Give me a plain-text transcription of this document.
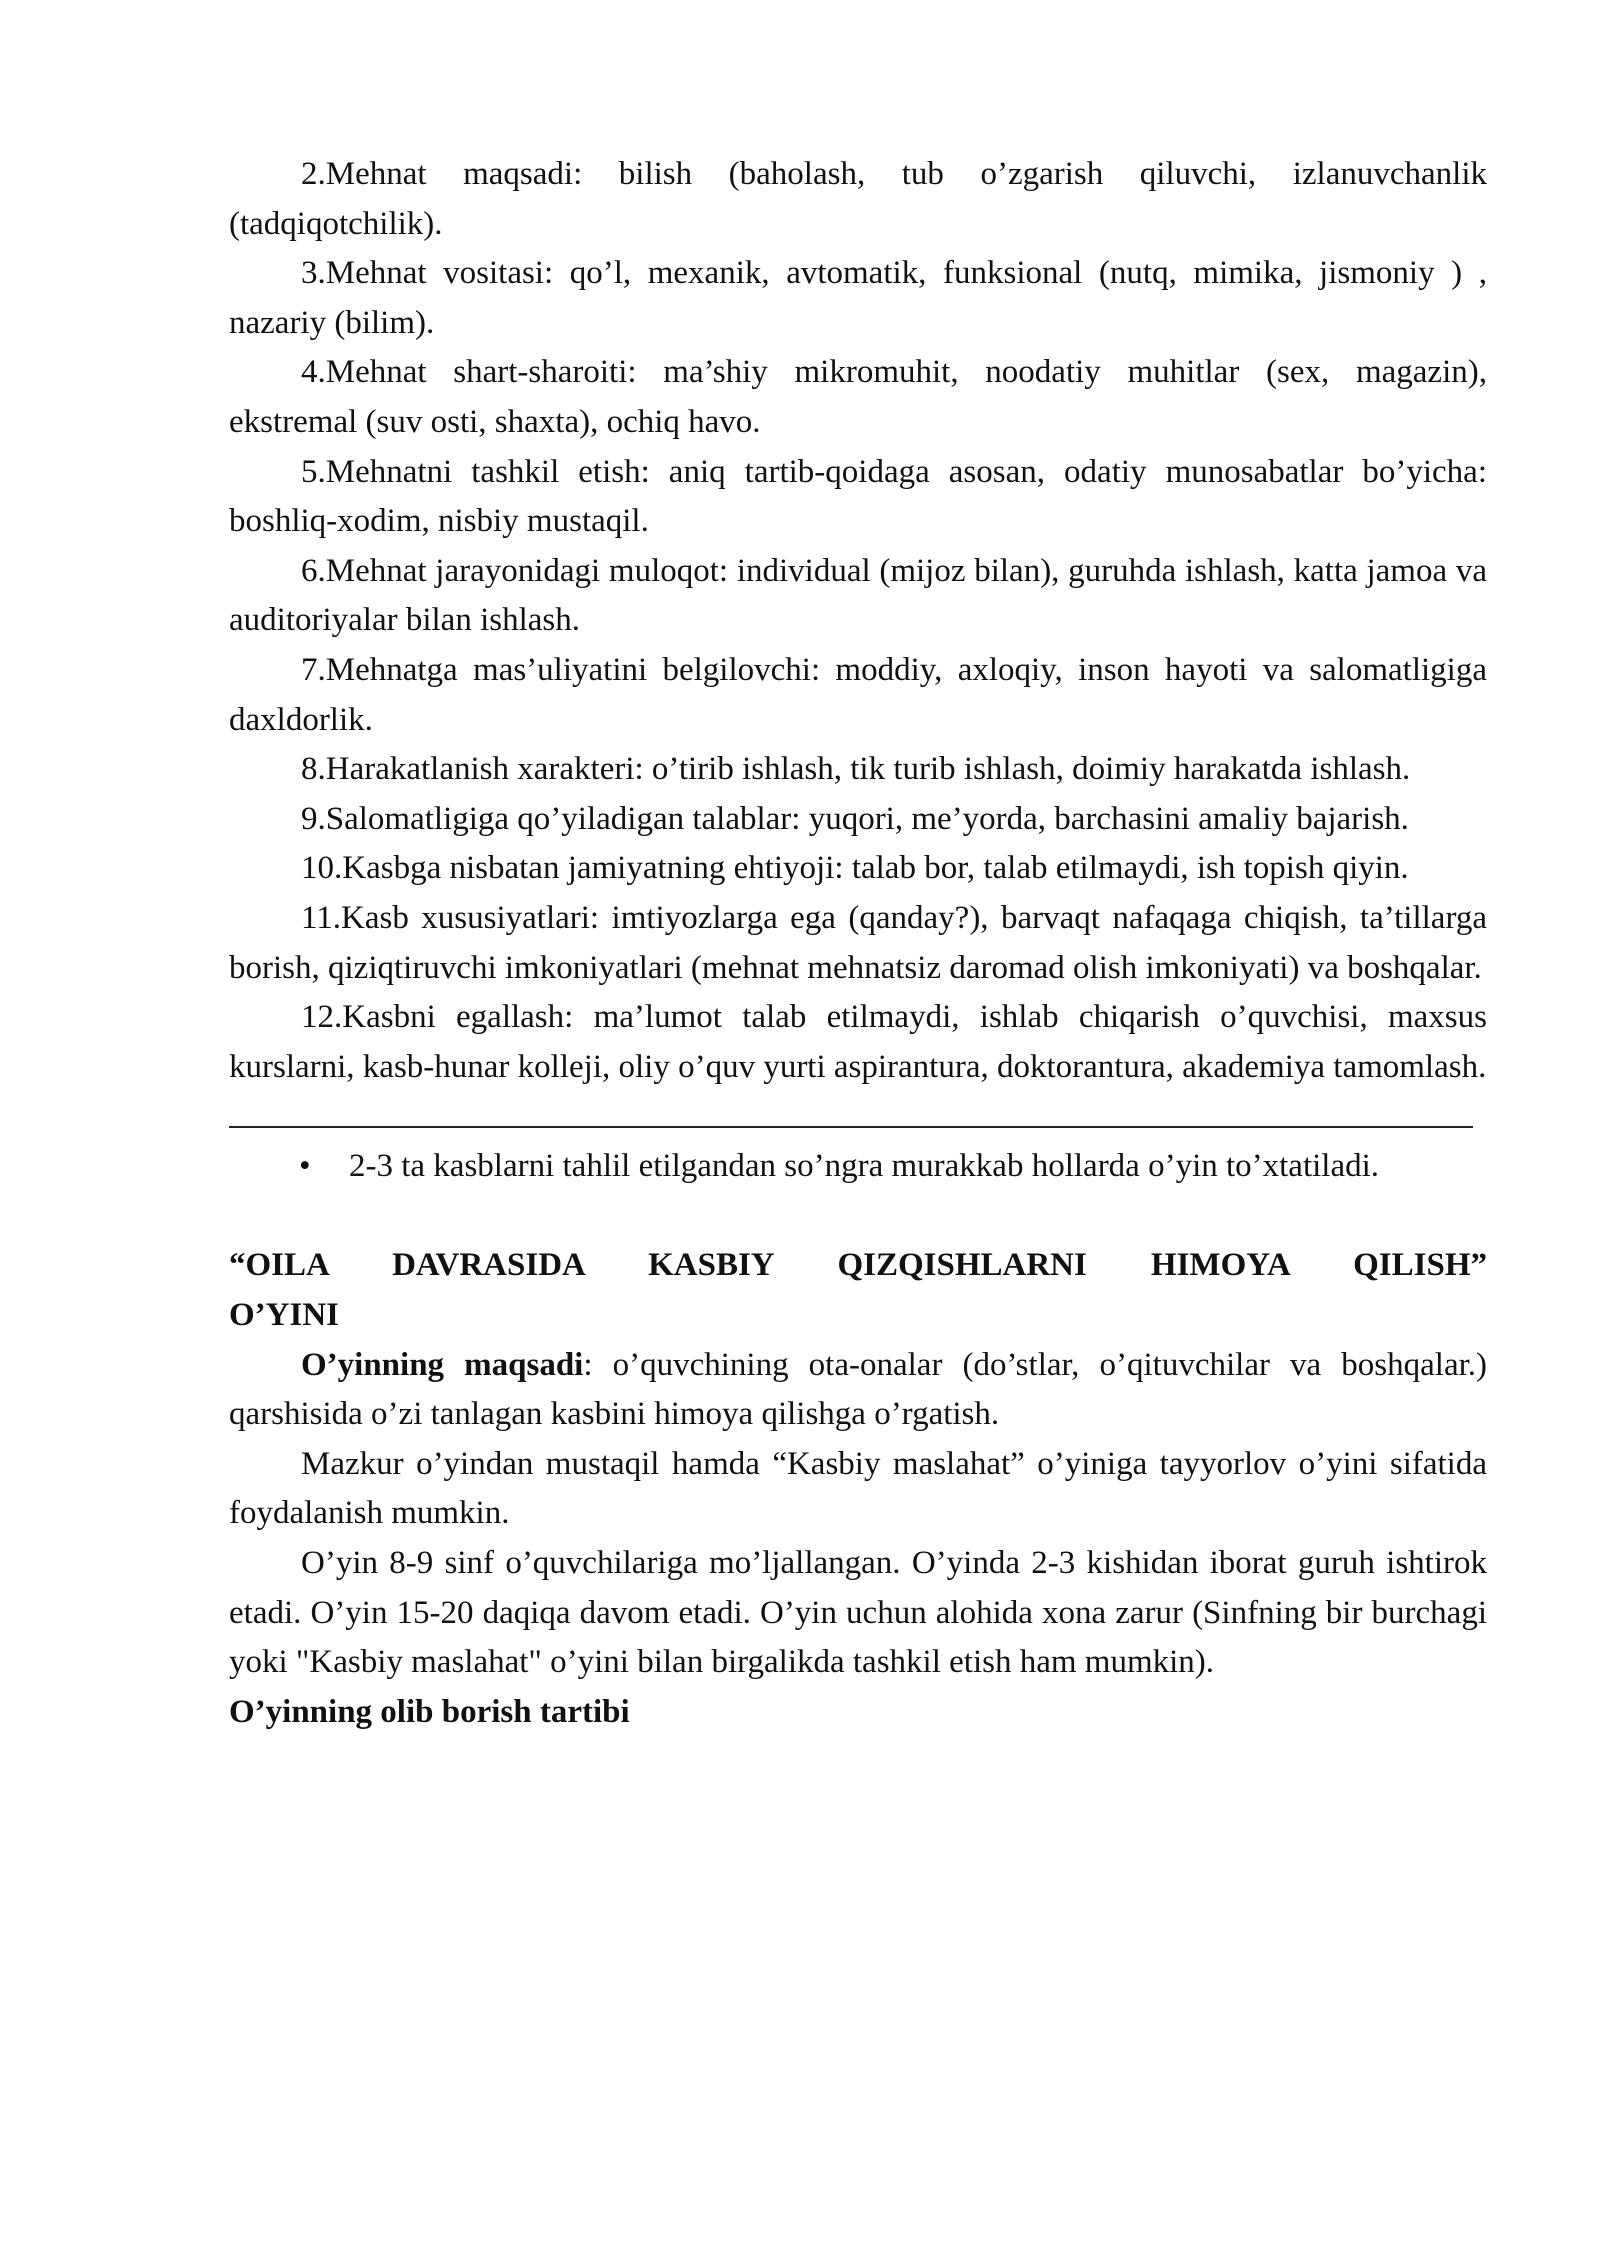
2.Mehnat maqsadi: bilish (baholash, tub o’zgarish qiluvchi, izlanuvchanlik (tadqiqotchilik).

3.Mehnat vositasi: qo’l, mexanik, avtomatik, funksional (nutq, mimika, jismoniy ) , nazariy (bilim).

4.Mehnat shart-sharoiti: ma’shiy mikromuhit, noodatiy muhitlar (sex, magazin), ekstremal (suv osti, shaxta), ochiq havo.

5.Mehnatni tashkil etish: aniq tartib-qoidaga asosan, odatiy munosabatlar bo’yicha: boshliq-xodim, nisbiy mustaqil.

6.Mehnat jarayonidagi muloqot: individual (mijoz bilan), guruhda ishlash, katta jamoa va auditoriyalar bilan ishlash.

7.Mehnatga mas’uliyatini belgilovchi: moddiy, axloqiy, inson hayoti va salomatligiga daxldorlik.

8.Harakatlanish xarakteri: o’tirib ishlash, tik turib ishlash, doimiy harakatda ishlash.

9.Salomatligiga qo’yiladigan talablar: yuqori, me’yorda, barchasini amaliy bajarish.

10.Kasbga nisbatan jamiyatning ehtiyoji: talab bor, talab etilmaydi, ish topish qiyin.

11.Kasb xususiyatlari: imtiyozlarga ega (qanday?), barvaqt nafaqaga chiqish, ta’tillarga borish, qiziqtiruvchi imkoniyatlari (mehnat mehnatsiz daromad olish imkoniyati) va boshqalar.

12.Kasbni egallash: ma’lumot talab etilmaydi, ishlab chiqarish o’quvchisi, maxsus kurslarni, kasb-hunar kolleji, oliy o’quv yurti aspirantura, doktorantura, akademiya tamomlash.

• 2-3 ta kasblarni tahlil etilgandan so’ngra murakkab hollarda o’yin to’xtatiladi.
“OILA DAVRASIDA KASBIY QIZQISHLARNI HIMOYA QILISH”
O’YINI

O’yinning maqsadi: o’quvchining ota-onalar (do’stlar, o’qituvchilar va boshqalar.) qarshisida o’zi tanlagan kasbini himoya qilishga o’rgatish.

Mazkur o’yindan mustaqil hamda “Kasbiy maslahat” o’yiniga tayyorlov o’yini sifatida foydalanish mumkin.

O’yin 8-9 sinf o’quvchilariga mo’ljallangan. O’yinda 2-3 kishidan iborat guruh ishtirok etadi. O’yin 15-20 daqiqa davom etadi. O’yin uchun alohida xona zarur (Sinfning bir burchagi yoki "Kasbiy maslahat" o’yini bilan birgalikda tashkil etish ham mumkin).

O’yinning olib borish tartibi
